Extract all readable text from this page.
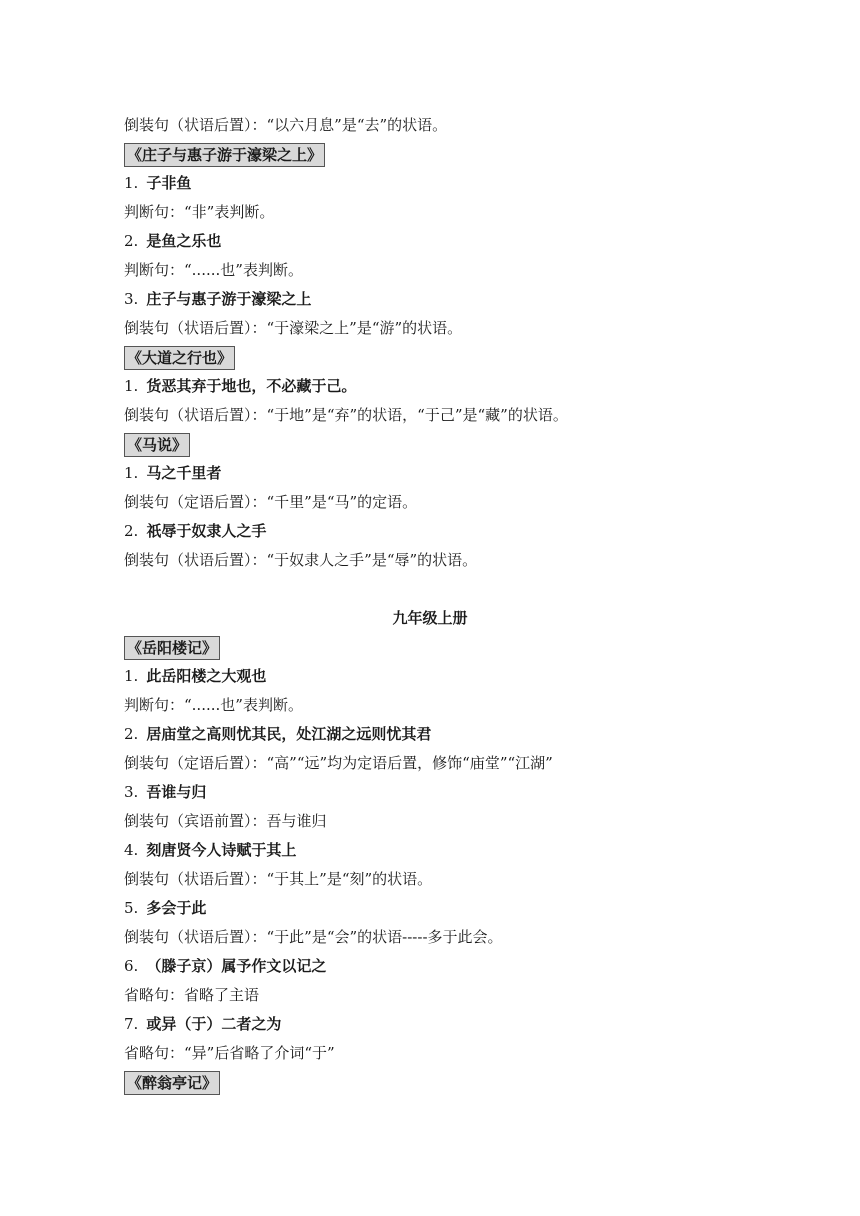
倒装句（状语后置）：“以六月息”是“去”的状语。
《庄子与惠子游于濠梁之上》
1. 子非鱼
判断句：“非”表判断。
2. 是鱼之乐也
判断句：“......也”表判断。
3. 庄子与惠子游于濠梁之上
倒装句（状语后置）：“于濠梁之上”是“游”的状语。
《大道之行也》
1. 货恶其弃于地也，不必藏于己。
倒装句（状语后置）：“于地”是“弃”的状语，“于己”是“藏”的状语。
《马说》
1. 马之千里者
倒装句（定语后置）：“千里”是“马”的定语。
2. 祇辱于奴隶人之手
倒装句（状语后置）：“于奴隶人之手”是“辱”的状语。
九年级上册
《岳阳楼记》
1. 此岳阳楼之大观也
判断句：“......也”表判断。
2. 居庙堂之高则忧其民，处江湖之远则忧其君
倒装句（定语后置）：“高”“远”均为定语后置，修饰“庙堂”“江湖”
3. 吾谁与归
倒装句（宾语前置）：吾与谁归
4. 刻唐贤今人诗赋于其上
倒装句（状语后置）：“于其上”是“刻”的状语。
5. 多会于此
倒装句（状语后置）：“于此”是“会”的状语-----多于此会。
6. （滕子京）属予作文以记之
省略句：省略了主语
7. 或异（于）二者之为
省略句：“异”后省略了介词“于”
《醉翁亭记》
